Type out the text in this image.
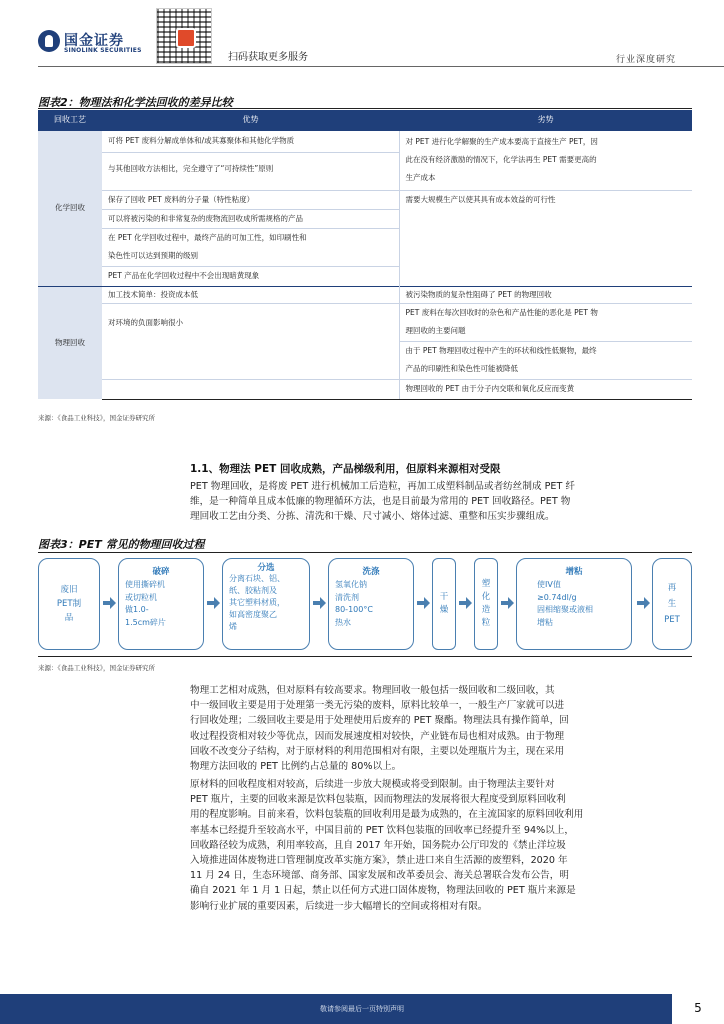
国金证券
SINOLINK SECURITIES
扫码获取更多服务	行业深度研究
图表2：物理法和化学法回收的差异比较
回收工艺	优势	劣势
化学回收	可将 PET 废料分解成单体和/或其寡聚体和其他化学物质	对 PET 进行化学解聚的生产成本要高于直接生产 PET，因
此在没有经济激励的情况下，化学法再生 PET 需要更高的
生产成本

	与其他回收方法相比，完全遵守了“可持续性”原则	

	保存了回收 PET 废料的分子量（特性粘度）	需要大规模生产以使其具有成本效益的可行性
	可以将被污染的和非常复杂的废物流回收成所需规格的产品	

	在 PET 化学回收过程中，最终产品的可加工性，如印刷性和
染色性可以达到预期的级别	

	PET 产品在化学回收过程中不会出现暗黄现象	
物理回收	加工技术简单：投资成本低	被污染物质的复杂性阻碍了 PET 的物理回收
	对环境的负面影响很小	PET 废料在每次回收时的杂色和产品性能的恶化是 PET 物
理回收的主要问题

		由于 PET 物理回收过程中产生的环状和线性低聚物，最终
产品的印刷性和染色性可能被降低

		物理回收的 PET 由于分子内交联和氧化反应而变黄
来源：《食品工业科技》，国金证券研究所
1.1、物理法 PET 回收成熟，产品梯级利用，但原料来源相对受限
PET 物理回收，是将废 PET 进行机械加工后造粒，再加工成塑料制品或者纺丝制成 PET 纤
维，是一种简单且成本低廉的物理循环方法，也是目前最为常用的 PET 回收路径。PET 物
理回收工艺由分类、分拣、清洗和干燥、尺寸减小、熔体过滤、重整和压实步骤组成。
图表3：PET 常见的物理回收过程
废旧
PET制
品
破碎
使用撕碎机
或切粒机
做1.0-
1.5cm碎片
分选
分离石块、铝、
纸、胶粘剂及
其它塑料材质，
如高密度聚乙
烯
洗涤
氢氧化钠
清洗剂
80-100°C
热水
干
燥
塑
化
造
粒
增粘
使IV值
≥0.74dl/g
固相缩聚或液相
增粘
再
生
PET
来源：《食品工业科技》，国金证券研究所
物理工艺相对成熟，但对原料有较高要求。物理回收一般包括一级回收和二级回收，其
中一级回收主要是用于处理第一类无污染的废料，原料比较单一，一般生产厂家就可以进
行回收处理；二级回收主要是用于处理使用后废弃的 PET 聚酯。物理法具有操作简单，回
收过程投资相对较少等优点，因而发展速度相对较快，产业链布局也相对成熟。由于物理
回收不改变分子结构，对于原材料的利用范围相对有限，主要以处理瓶片为主，现在采用
物理方法回收的 PET 比例约占总量的 80%以上。
原材料的回收程度相对较高，后续进一步放大规模或将受到限制。由于物理法主要针对
PET 瓶片，主要的回收来源是饮料包装瓶，因而物理法的发展将很大程度受到原料回收利
用的程度影响。目前来看，饮料包装瓶的回收利用是最为成熟的，在主流国家的原料回收利用
率基本已经提升至较高水平，中国目前的 PET 饮料包装瓶的回收率已经提升至 94%以上，
回收路径较为成熟，利用率较高，且自 2017 年开始，国务院办公厅印发的《禁止洋垃圾
入境推进固体废物进口管理制度改革实施方案》，禁止进口来自生活源的废塑料，2020 年
11 月 24 日，生态环境部、商务部、国家发展和改革委员会、海关总署联合发布公告，明
确自 2021 年 1 月 1 日起，禁止以任何方式进口固体废物，物理法回收的 PET 瓶片来源是
影响行业扩展的重要因素，后续进一步大幅增长的空间或将相对有限。
敬请参阅最后一页特别声明	5
